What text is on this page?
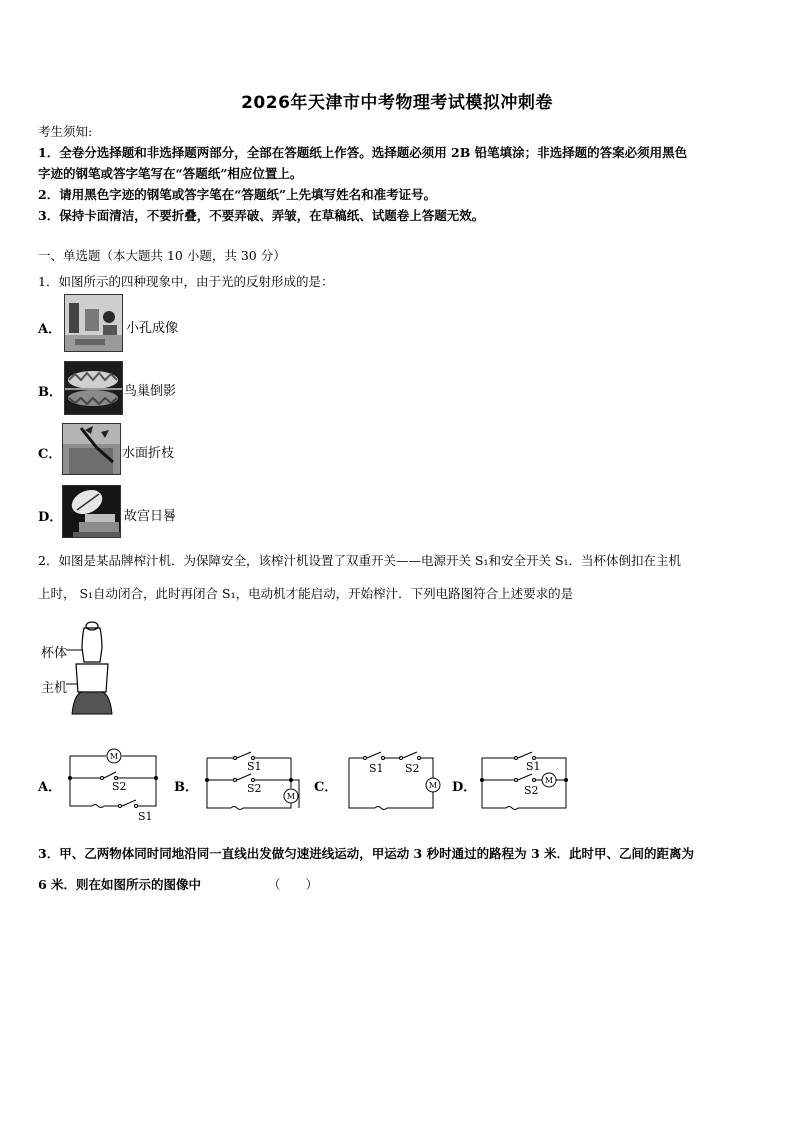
2026年天津市中考物理考试模拟冲刺卷
考生须知:
1．全卷分选择题和非选择题两部分，全部在答题纸上作答。选择题必须用 2B 铅笔填涂；非选择题的答案必须用黑色
字迹的钢笔或答字笔写在“答题纸”相应位置上。
2．请用黑色字迹的钢笔或答字笔在“答题纸”上先填写姓名和准考证号。
3．保持卡面清洁，不要折叠，不要弄破、弄皱，在草稿纸、试题卷上答题无效。
一、单选题（本大题共 10 小题，共 30 分）
1．如图所示的四种现象中，由于光的反射形成的是：
A．	小孔成像
B．	鸟巢倒影
C．	水面折枝
D．	故宫日晷
2．如图是某品牌榨汁机．为保障安全，该榨汁机设置了双重开关——电源开关 S₁和安全开关 S₁．当杯体倒扣在主机
上时， S₁自动闭合，此时再闭合 S₁，电动机才能启动，开始榨汁．下列电路图符合上述要求的是
杯体
主机
A．
M
S2
S1
B．
M
S1
S2	C．	M
S1 S2
D．	M
S1
S2
3．甲、乙两物体同时同地沿同一直线出发做匀速进线运动，甲运动 3 秒时通过的路程为 3 米．此时甲、乙间的距离为
6 米．则在如图所示的图像中	（　　）
